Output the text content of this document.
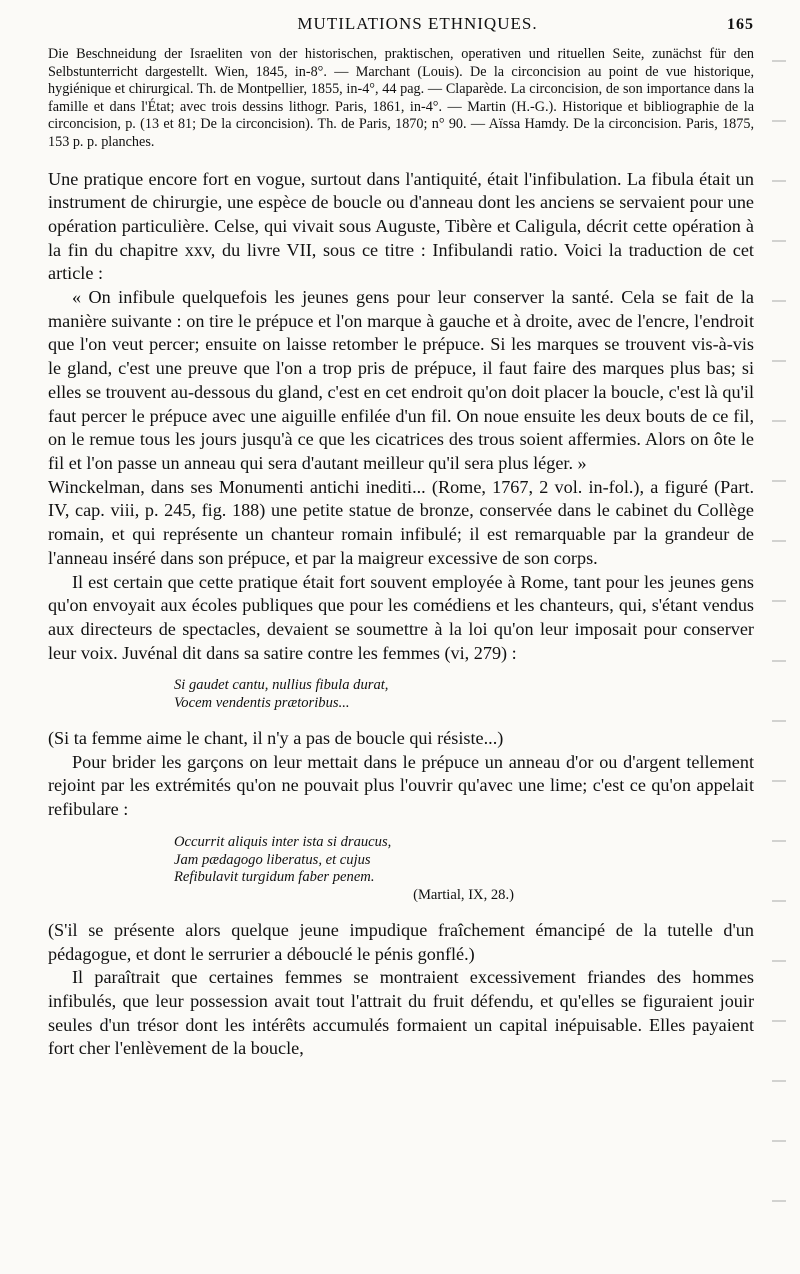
MUTILATIONS ETHNIQUES.	165

Die Beschneidung der Israeliten von der historischen, praktischen, operativen und rituellen Seite, zunächst für den Selbstunterricht dargestellt. Wien, 1845, in-8°. — Marchant (Louis). De la circoncision au point de vue historique, hygiénique et chirurgical. Th. de Montpellier, 1855, in-4°, 44 pag. — Claparède. La circoncision, de son importance dans la famille et dans l'État; avec trois dessins lithogr. Paris, 1861, in-4°. — Martin (H.-G.). Historique et bibliographie de la circoncision, p. (13 et 81; De la circoncision). Th. de Paris, 1870; n° 90. — Aïssa Hamdy. De la circoncision. Paris, 1875, 153 p. p. planches.

Une pratique encore fort en vogue, surtout dans l'antiquité, était l'infibulation. La fibula était un instrument de chirurgie, une espèce de boucle ou d'anneau dont les anciens se servaient pour une opération particulière. Celse, qui vivait sous Auguste, Tibère et Caligula, décrit cette opération à la fin du chapitre xxv, du livre VII, sous ce titre : Infibulandi ratio. Voici la traduction de cet article :

« On infibule quelquefois les jeunes gens pour leur conserver la santé. Cela se fait de la manière suivante : on tire le prépuce et l'on marque à gauche et à droite, avec de l'encre, l'endroit que l'on veut percer; ensuite on laisse retomber le prépuce. Si les marques se trouvent vis-à-vis le gland, c'est une preuve que l'on a trop pris de prépuce, il faut faire des marques plus bas; si elles se trouvent au-dessous du gland, c'est en cet endroit qu'on doit placer la boucle, c'est là qu'il faut percer le prépuce avec une aiguille enfilée d'un fil. On noue ensuite les deux bouts de ce fil, on le remue tous les jours jusqu'à ce que les cicatrices des trous soient affermies. Alors on ôte le fil et l'on passe un anneau qui sera d'autant meilleur qu'il sera plus léger. »

Winckelman, dans ses Monumenti antichi inediti... (Rome, 1767, 2 vol. in-fol.), a figuré (Part. IV, cap. viii, p. 245, fig. 188) une petite statue de bronze, conservée dans le cabinet du Collège romain, et qui représente un chanteur romain infibulé; il est remarquable par la grandeur de l'anneau inséré dans son prépuce, et par la maigreur excessive de son corps.

Il est certain que cette pratique était fort souvent employée à Rome, tant pour les jeunes gens qu'on envoyait aux écoles publiques que pour les comédiens et les chanteurs, qui, s'étant vendus aux directeurs de spectacles, devaient se soumettre à la loi qu'on leur imposait pour conserver leur voix. Juvénal dit dans sa satire contre les femmes (vi, 279) :

Si gaudet cantu, nullius fibula durat,
Vocem vendentis prætoribus...

(Si ta femme aime le chant, il n'y a pas de boucle qui résiste...)

Pour brider les garçons on leur mettait dans le prépuce un anneau d'or ou d'argent tellement rejoint par les extrémités qu'on ne pouvait plus l'ouvrir qu'avec une lime; c'est ce qu'on appelait refibulare :

Occurrit aliquis inter ista si draucus,
Jam pædagogo liberatus, et cujus
Refibulavit turgidum faber penem.
(Martial, IX, 28.)

(S'il se présente alors quelque jeune impudique fraîchement émancipé de la tutelle d'un pédagogue, et dont le serrurier a débouclé le pénis gonflé.)

Il paraîtrait que certaines femmes se montraient excessivement friandes des hommes infibulés, que leur possession avait tout l'attrait du fruit défendu, et qu'elles se figuraient jouir seules d'un trésor dont les intérêts accumulés formaient un capital inépuisable. Elles payaient fort cher l'enlèvement de la boucle,
